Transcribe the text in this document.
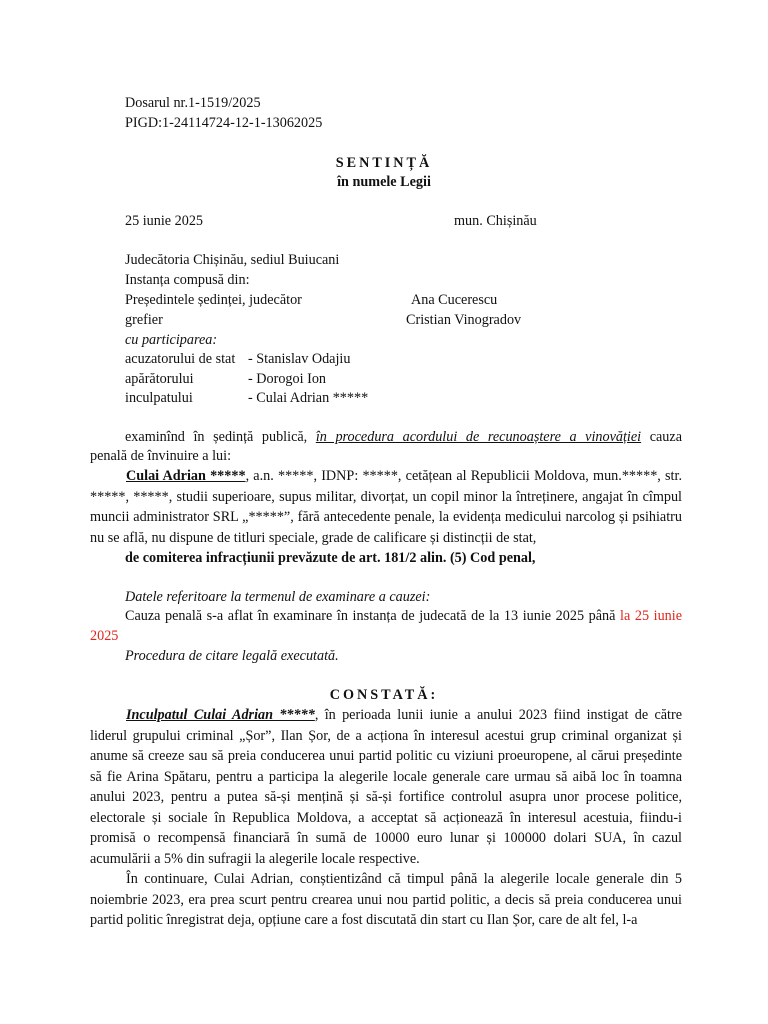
Dosarul nr.1-1519/2025
PIGD:1-24114724-12-1-13062025
SENTINȚĂ
în numele Legii
25 iunie 2025	mun. Chișinău
Judecătoria Chișinău, sediul Buiucani
Instanța compusă din:
Președintele ședinței, judecător	Ana Cucerescu
grefier	Cristian Vinogradov
cu participarea:
acuzatorului de stat - Stanislav Odajiu
apărătorului	- Dorogoi Ion
inculpatului	- Culai Adrian *****
examinînd în ședință publică, în procedura acordului de recunoaștere a vinovăției cauza
penală de învinuire a lui:
Culai Adrian *****, a.n. *****, IDNP: *****, cetățean al Republicii Moldova, mun.*****, str. *****, *****, studii superioare, supus militar, divorțat, un copil minor la întreținere, angajat în cîmpul muncii administrator SRL „*****”, fără antecedente penale, la evidența medicului narcolog și psihiatru nu se află, nu dispune de titluri speciale, grade de calificare și distincții de stat,
de comiterea infracțiunii prevăzute de art. 181/2 alin. (5) Cod penal,
Datele referitoare la termenul de examinare a cauzei:
Cauza penală s-a aflat în examinare în instanța de judecată de la 13 iunie 2025 până la 25 iunie
2025
Procedura de citare legală executată.
CONSTATĂ:
Inculpatul Culai Adrian *****, în perioada lunii iunie a anului 2023 fiind instigat de către liderul grupului criminal „Șor”, Ilan Șor, de a acționa în interesul acestui grup criminal organizat și anume să creeze sau să preia conducerea unui partid politic cu viziuni proeuropene, al cărui președinte să fie Arina Spătaru, pentru a participa la alegerile locale generale care urmau să aibă loc în toamna anului 2023, pentru a putea să-și mențină și să-și fortifice controlul asupra unor procese politice, electorale și sociale în Republica Moldova, a acceptat să acționează în interesul acestuia, fiindu-i promisă o recompensă financiară în sumă de 10000 euro lunar și 100000 dolari SUA, în cazul acumulării a 5% din sufragii la alegerile locale respective.
În continuare, Culai Adrian, conștientizând că timpul până la alegerile locale generale din 5 noiembrie 2023, era prea scurt pentru crearea unui nou partid politic, a decis să preia conducerea unui partid politic înregistrat deja, opțiune care a fost discutată din start cu Ilan Șor, care de alt fel, l-a
